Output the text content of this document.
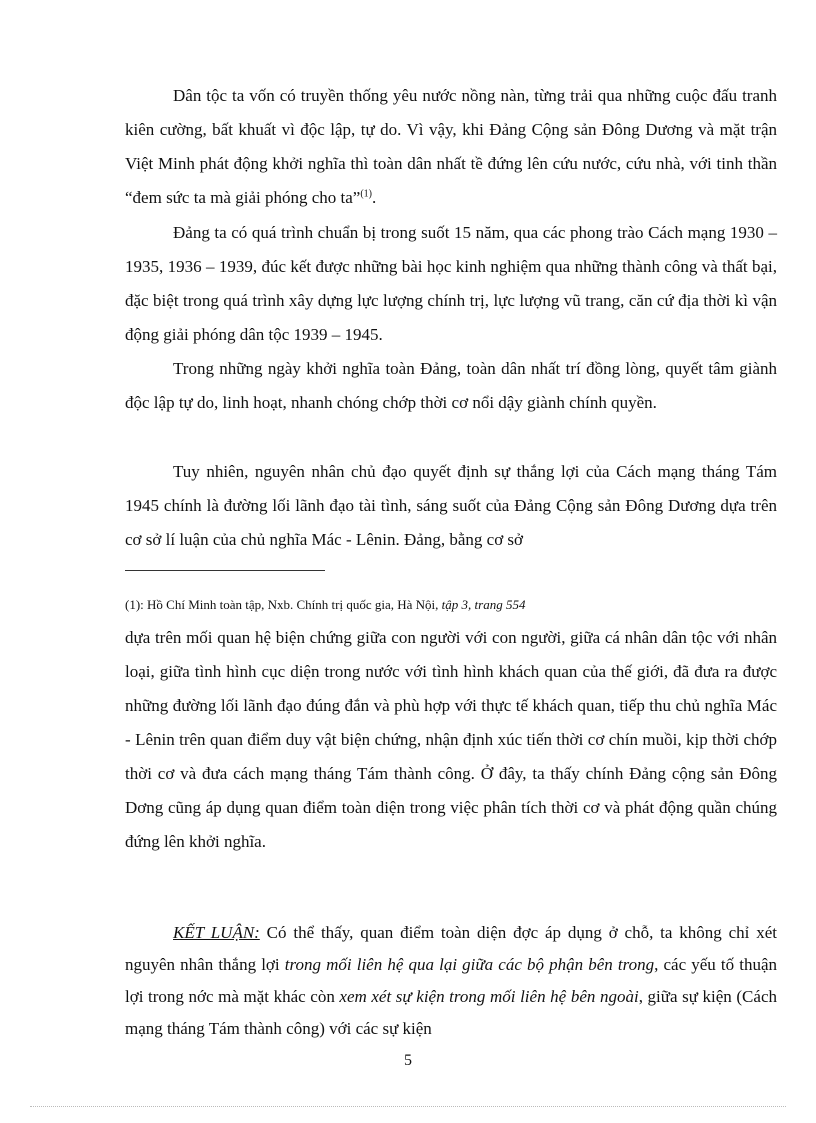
Dân tộc ta vốn có truyền thống yêu nước nồng nàn, từng trải qua những cuộc đấu tranh kiên cường, bất khuất vì độc lập, tự do. Vì vậy, khi Đảng Cộng sản Đông Dương và mặt trận Việt Minh phát động khởi nghĩa thì toàn dân nhất tề đứng lên cứu nước, cứu nhà, với tinh thần “đem sức ta mà giải phóng cho ta”$^{(1)}$.

Đảng ta có quá trình chuẩn bị trong suốt 15 năm, qua các phong trào Cách mạng 1930 – 1935, 1936 – 1939, đúc kết được những bài học kinh nghiệm qua những thành công và thất bại, đặc biệt trong quá trình xây dựng lực lượng chính trị, lực lượng vũ trang, căn cứ địa thời kì vận động giải phóng dân tộc 1939 – 1945.

Trong những ngày khởi nghĩa toàn Đảng, toàn dân nhất trí đồng lòng, quyết tâm giành độc lập tự do, linh hoạt, nhanh chóng chớp thời cơ nổi dậy giành chính quyền.

Tuy nhiên, nguyên nhân chủ đạo quyết định sự thắng lợi của Cách mạng tháng Tám 1945 chính là đường lối lãnh đạo tài tình, sáng suốt của Đảng Cộng sản Đông Dương dựa trên cơ sở lí luận của chủ nghĩa Mác - Lênin. Đảng, bằng cơ sở

(1): Hồ Chí Minh toàn tập, Nxb. Chính trị quốc gia, Hà Nội, tập 3, trang 554

dựa trên mối quan hệ biện chứng giữa con người với con người, giữa cá nhân dân tộc với nhân loại, giữa tình hình cục diện trong nước với tình hình khách quan của thế giới, đã đưa ra được những đường lối lãnh đạo đúng đắn và phù hợp với thực tế khách quan, tiếp thu chủ nghĩa Mác - Lênin trên quan điểm duy vật biện chứng, nhận định xúc tiến thời cơ chín muồi, kịp thời chớp thời cơ và đưa cách mạng tháng Tám thành công. Ở đây, ta thấy chính Đảng cộng sản Đông Dơng cũng áp dụng quan điểm toàn diện trong việc phân tích thời cơ và phát động quần chúng đứng lên khởi nghĩa.

KẾT LUẬN: Có thể thấy, quan điểm toàn diện đợc áp dụng ở chỗ, ta không chỉ xét nguyên nhân thắng lợi trong mối liên hệ qua lại giữa các bộ phận bên trong, các yếu tố thuận lợi trong nớc mà mặt khác còn xem xét sự kiện trong mối liên hệ bên ngoài, giữa sự kiện (Cách mạng tháng Tám thành công) với các sự kiện

5
